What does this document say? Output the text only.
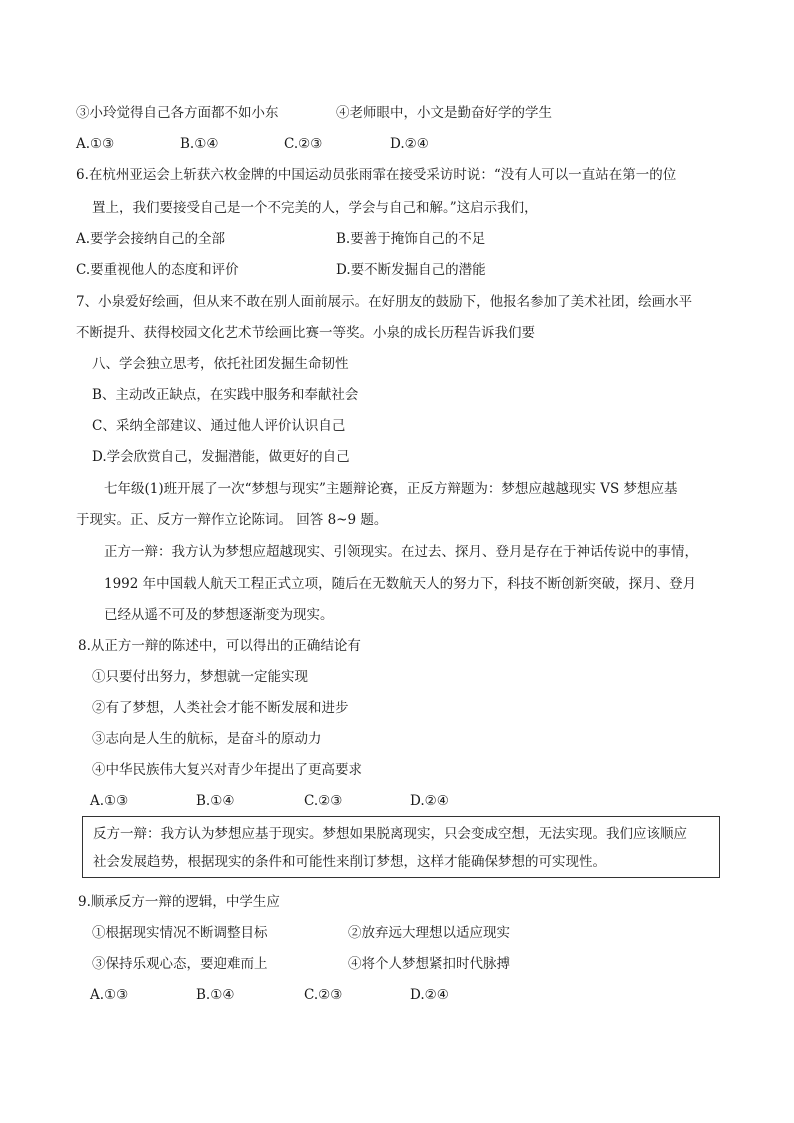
③小玲觉得自己各方面都不如小东	④老师眼中，小文是勤奋好学的学生
A.①③	B.①④	C.②③	D.②④
6.在杭州亚运会上斩获六枚金牌的中国运动员张雨霏在接受采访时说：“没有人可以一直站在第一的位
置上，我们要接受自己是一个不完美的人，学会与自己和解。”这启示我们，
A.要学会接纳自己的全部	B.要善于掩饰自己的不足
C.要重视他人的态度和评价	D.要不断发掘自己的潜能
7、小泉爱好绘画，但从来不敢在别人面前展示。在好朋友的鼓励下，他报名参加了美术社团，绘画水平
不断提升、获得校园文化艺术节绘画比赛一等奖。小泉的成长历程告诉我们要
八、学会独立思考，依托社团发掘生命韧性
B、主动改正缺点，在实践中服务和奉献社会
C、采纳全部建议、通过他人评价认识自己
D.学会欣赏自己，发掘潜能，做更好的自己
七年级(1)班开展了一次“梦想与现实”主题辩论赛，正反方辩题为：梦想应越越现实 VS 梦想应基
于现实。正、反方一辩作立论陈词。 回答 8~9 题。
正方一辩：我方认为梦想应超越现实、引领现实。在过去、探月、登月是存在于神话传说中的事情，
1992 年中国载人航天工程正式立项，随后在无数航天人的努力下，科技不断创新突破，探月、登月
已经从遥不可及的梦想逐渐变为现实。
8.从正方一辩的陈述中，可以得出的正确结论有
①只要付出努力，梦想就一定能实现
②有了梦想，人类社会才能不断发展和进步
③志向是人生的航标，是奋斗的原动力
④中华民族伟大复兴对青少年提出了更高要求
A.①③	B.①④	C.②③	D.②④
反方一辩：我方认为梦想应基于现实。梦想如果脱离现实，只会变成空想，无法实现。我们应该顺应
社会发展趋势，根据现实的条件和可能性来削订梦想，这样才能确保梦想的可实现性。
9.顺承反方一辩的逻辑，中学生应
①根据现实情况不断调整目标	②放弃远大理想以适应现实
③保持乐观心态，要迎难而上	④将个人梦想紧扣时代脉搏
A.①③	B.①④	C.②③	D.②④
